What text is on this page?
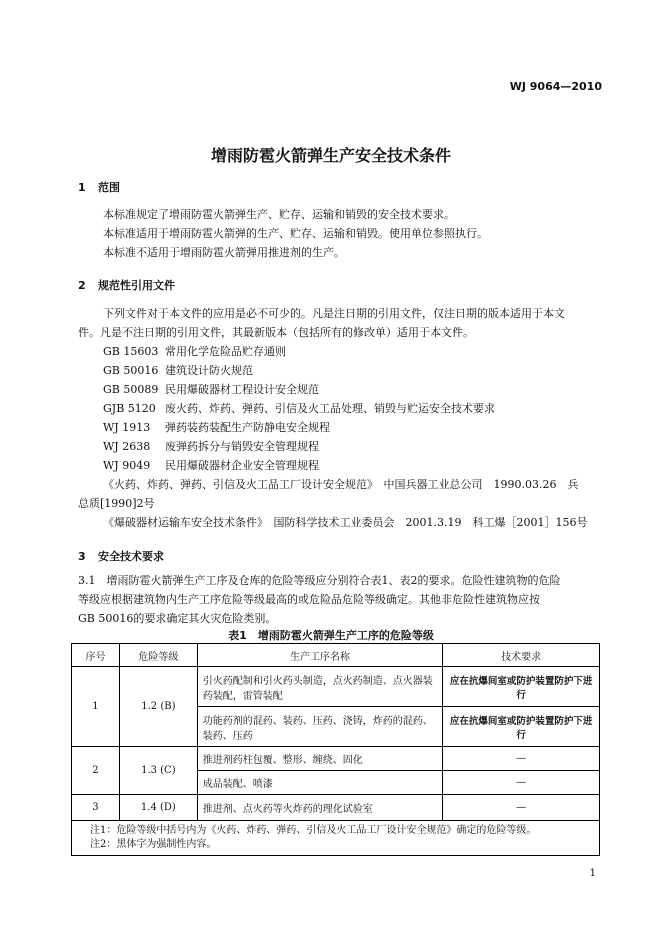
WJ 9064—2010
增雨防雹火箭弹生产安全技术条件
1 范围
本标准规定了增雨防雹火箭弹生产、贮存、运输和销毁的安全技术要求。
本标准适用于增雨防雹火箭弹的生产、贮存、运输和销毁。使用单位参照执行。
本标准不适用于增雨防雹火箭弹用推进剂的生产。
2 规范性引用文件
下列文件对于本文件的应用是必不可少的。凡是注日期的引用文件，仅注日期的版本适用于本文
件。凡是不注日期的引用文件，其最新版本（包括所有的修改单）适用于本文件。
GB 15603 常用化学危险品贮存通则
GB 50016 建筑设计防火规范
GB 50089 民用爆破器材工程设计安全规范
GJB 5120 废火药、炸药、弹药、引信及火工品处理、销毁与贮运安全技术要求
WJ 1913 弹药装药装配生产防静电安全规程
WJ 2638 废弹药拆分与销毁安全管理规程
WJ 9049 民用爆破器材企业安全管理规程
《火药、炸药、弹药、引信及火工品工厂设计安全规范》　中国兵器工业总公司　1990.03.26　兵
总质[1990]2号
《爆破器材运输车安全技术条件》　国防科学技术工业委员会　2001.3.19　科工爆［2001］156号
3 安全技术要求
3.1　增雨防雹火箭弹生产工序及仓库的危险等级应分别符合表1、表2的要求。危险性建筑物的危险
等级应根据建筑物内生产工序危险等级最高的或危险品危险等级确定。其他非危险性建筑物应按
GB 50016的要求确定其火灾危险类别。
表1　增雨防雹火箭弹生产工序的危险等级
序号	危险等级	生产工序名称	技术要求
1	1.2 (B)	引火药配制和引火药头制造，点火药制造、点火器装药装配，雷管装配	应在抗爆间室或防护装置防护下进行
		功能药剂的混药、装药、压药、浇铸，炸药的混药、装药、压药	应在抗爆间室或防护装置防护下进行
2	1.3 (C)	推进剂药柱包覆、整形、缠绕、固化	—
		成品装配、喷漆	—
3	1.4 (D)	推进剂、点火药等火炸药的理化试验室	—

注1：危险等级中括号内为《火药、炸药、弹药、引信及火工品工厂设计安全规范》确定的危险等级。
注2：黑体字为强制性内容。			
1
